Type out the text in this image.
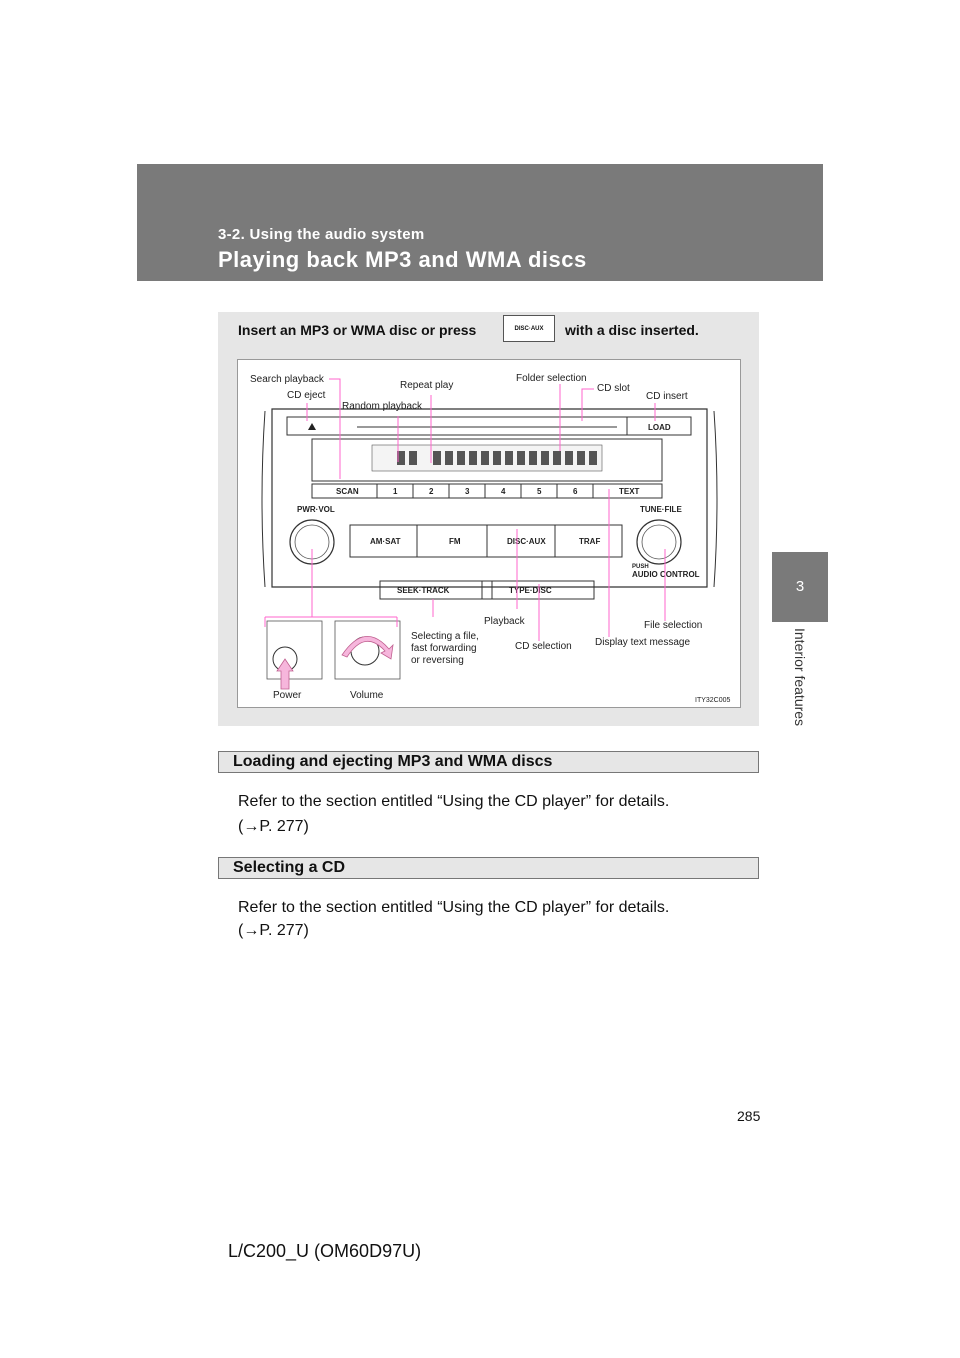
3-2. Using the audio system
Playing back MP3 and WMA discs
3
Interior features
Insert an MP3 or WMA disc or press	DISC·AUX	with a disc inserted.
LOAD
SCAN	1	2	3	4	5	6	TEXT
PWR·VOL	TUNE·FILE
AM·SAT	FM	DISC·AUX	TRAF
PUSH
AUDIO CONTROL
SEEK·TRACK	TYPE·DISC
Search playback
CD eject
Random playback
Repeat play
Folder selection
CD slot
CD insert
Selecting a file,
fast forwarding
or reversing
Playback
CD selection Display text message
File selection
Power	Volume	ITY32C005
Loading and ejecting MP3 and WMA discs
Refer to the section entitled “Using the CD player” for details.
(→P. 277)
Selecting a CD
Refer to the section entitled “Using the CD player” for details.
(→P. 277)
285
L/C200_U (OM60D97U)
